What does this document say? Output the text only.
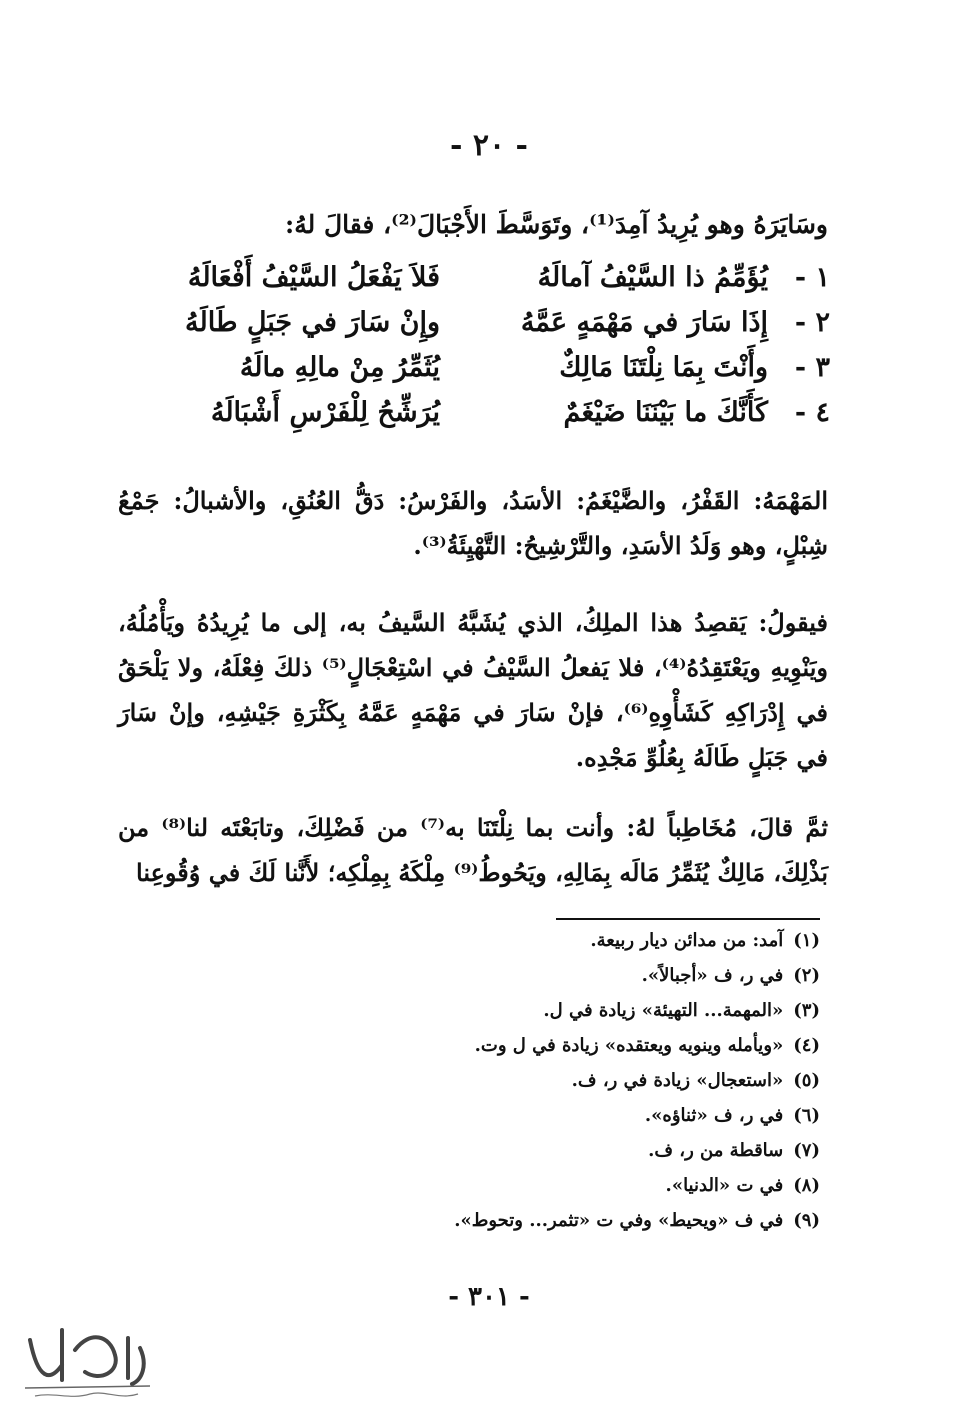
- ٢٠ -
وسَايَرَهُ وهو يُرِيدُ آمِدَ⁽¹⁾، وتَوَسَّطَ الأَجْبَالَ⁽²⁾، فقالَ لهُ:
١ -
يُؤَمِّمُ ذا السَّيْفُ آمالَهُ
فَلاَ يَفْعَلُ السَّيْفُ أَفْعَالَهُ
٢ -
إِذَا سَارَ في مَهْمَهٍ عَمَّهُ
وإِنْ سَارَ في جَبَلٍ طَالَهُ
٣ -
وأَنْتَ بِمَا نِلْتَنَا مَالِكٌ
يُثَمِّرُ مِنْ مالِهِ مالَهُ
٤ -
كَأَنَّكَ ما بَيْنَنَا ضَيْغَمٌ
يُرَشِّحُ لِلْفَرْسِ أَشْبَالَهُ

المَهْمَهُ: القَفْرُ، والضَّيْغَمُ: الأسَدُ، والفَرْسُ: دَقُّ العُنُقِ، والأشبالُ: جَمْعُ شِبْلٍ، وهو وَلَدُ الأسَدِ، والتَّرْشِيحُ: التَّهْيِئَةُ⁽³⁾.

فيقولُ: يَقصِدُ هذا الملِكُ، الذي يُشَبَّهُ السَّيفُ به، إلى ما يُرِيدُهُ ويَأْمُلُهُ، ويَنْوِيهِ ويَعْتَقِدُهُ⁽⁴⁾، فلا يَفعلُ السَّيْفُ في اسْتِعْجَالٍ⁽⁵⁾ ذلكَ فِعْلَهُ، ولا يَلْحَقُ في إِدْرَاكِهِ كَشَأْوِهِ⁽⁶⁾، فإنْ سَارَ في مَهْمَهٍ عَمَّهُ بِكَثْرَةِ جَيْشِهِ، وإنْ سَارَ في جَبَلٍ طَالَهُ بِعُلُوِّ مَجْدِه.

ثمَّ قالَ، مُخَاطِباً لهُ: وأنت بما نِلْتَنَا به⁽⁷⁾ من فَضْلِكَ، وتابَعْتَه لنا⁽⁸⁾ من بَذْلِكَ، مَالِكٌ يُثَمِّرُ مَالَه بِمَالِهِ، ويَحُوطُ⁽⁹⁾ مِلْكَهُ بِمِلْكِه؛ لأَنَّنا لَكَ في وُقُوعِنا

(١)آمد: من مدائن ديار ربيعة.
(٢)في ر، ف «أجبالاً».
(٣)«المهمة... التهيئة» زيادة في ل.
(٤)«ويأمله وينويه ويعتقده» زيادة في ل وت.
(٥)«استعجال» زيادة في ر، ف.
(٦)في ر، ف «ثناؤه».
(٧)ساقطة من ر، ف.
(٨)في ت «الدنيا».
(٩)في ف «ويحيط» وفي ت «تثمر... وتحوط».
- ٣٠١ -
